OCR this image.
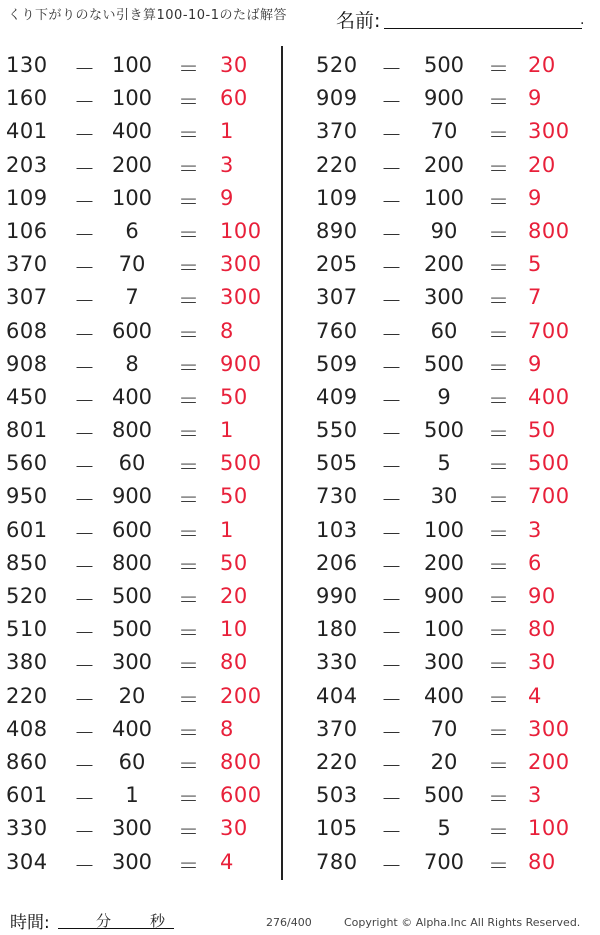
くり下がりのない引き算100-10-1のたば解答	名前:	.
130	－ 100	＝ 30
160	－ 100	＝ 60
401	－ 400	＝ 1
203	－ 200	＝ 3
109	－ 100	＝ 9
106	－	6	＝ 100
370	－	70	＝ 300
307	－	7	＝ 300
608	－ 600	＝ 8
908	－	8	＝ 900
450	－ 400	＝ 50
801	－ 800	＝ 1
560	－	60	＝ 500
950	－ 900	＝ 50
601	－ 600	＝ 1
850	－ 800	＝ 50
520	－ 500	＝ 20
510	－ 500	＝ 10
380	－ 300	＝ 80
220	－	20	＝ 200
408	－ 400	＝ 8
860	－	60	＝ 800
601	－	1	＝ 600
330	－ 300	＝ 30
304	－ 300	＝ 4
520	－	500	＝ 20
909	－	900	＝ 9
370	－	70	＝ 300
220	－	200	＝ 20
109	－	100	＝ 9
890	－	90	＝ 800
205	－	200	＝ 5
307	－	300	＝ 7
760	－	60	＝ 700
509	－	500	＝ 9
409	－	9	＝ 400
550	－	500	＝ 50
505	－	5	＝ 500
730	－	30	＝ 700
103	－	100	＝ 3
206	－	200	＝ 6
990	－	900	＝ 90
180	－	100	＝ 80
330	－	300	＝ 30
404	－	400	＝ 4
370	－	70	＝ 300
220	－	20	＝ 200
503	－	500	＝ 3
105	－	5	＝ 100
780	－	700	＝ 80
時間:	分	秒	276/400	Copyright © Alpha.Inc All Rights Reserved.
